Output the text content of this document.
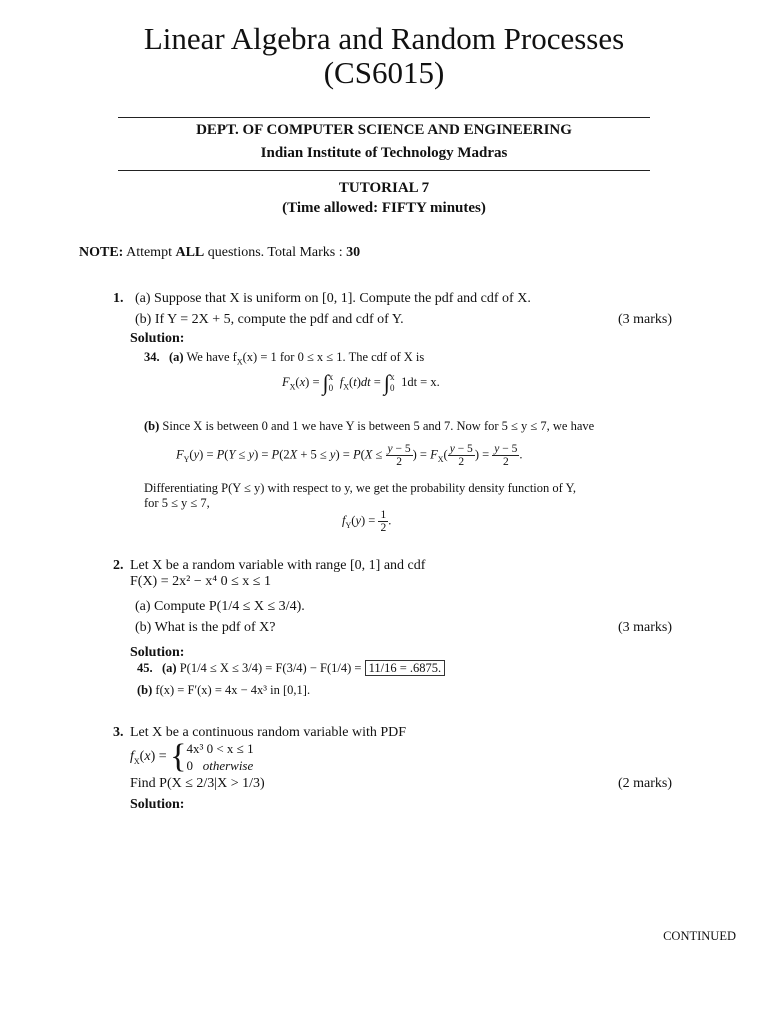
Linear Algebra and Random Processes
(CS6015)
DEPT. OF COMPUTER SCIENCE AND ENGINEERING
Indian Institute of Technology Madras
TUTORIAL 7
(Time allowed: FIFTY minutes)
NOTE: Attempt ALL questions. Total Marks : 30
1. (a) Suppose that X is uniform on [0, 1]. Compute the pdf and cdf of X.
(b) If Y = 2X + 5, compute the pdf and cdf of Y.	(3 marks)
Solution:
34. (a) We have $f_X(x) = 1$ for 0 ≤ x ≤ 1. The cdf of X is
$F_X(x)$ = ∫ x
0 $f_X(t)dt$ = ∫ x
0 1dt = x.
(b) Since X is between 0 and 1 we have Y is between 5 and 7. Now for 5 ≤ y ≤ 7, we have
$F_Y(y) = P(Y \le y) = P(2X + 5 \le y) = P(X \le \frac{y - 5}{2}$ ) = $F_X( \frac{y - 5}{2}$ ) = $\frac{y - 5}{2}$ .
Differentiating P(Y ≤ y) with respect to y, we get the probability density function of Y,
for 5 ≤ y ≤ 7,
$f_Y(y) = \frac{1}{2}$ .
2. Let X be a random variable with range [0, 1] and cdf
F(X) = 2x² − x⁴ 0 ≤ x ≤ 1
(a) Compute P(1/4 ≤ X ≤ 3/4).
(b) What is the pdf of X?	(3 marks)
Solution:
45. (a) P(1/4 ≤ X ≤ 3/4) = F(3/4) − F(1/4) = 11/16 = .6875.
(b) f(x) = F′(x) = 4x − 4x³ in [0,1].
3. Let X be a continuous random variable with PDF
$f_X(x)$ = { 4x³ 0 < x ≤ 1
0 otherwise
Find P(X ≤ 2/3|X > 1/3)	(2 marks)
Solution:
CONTINUED
